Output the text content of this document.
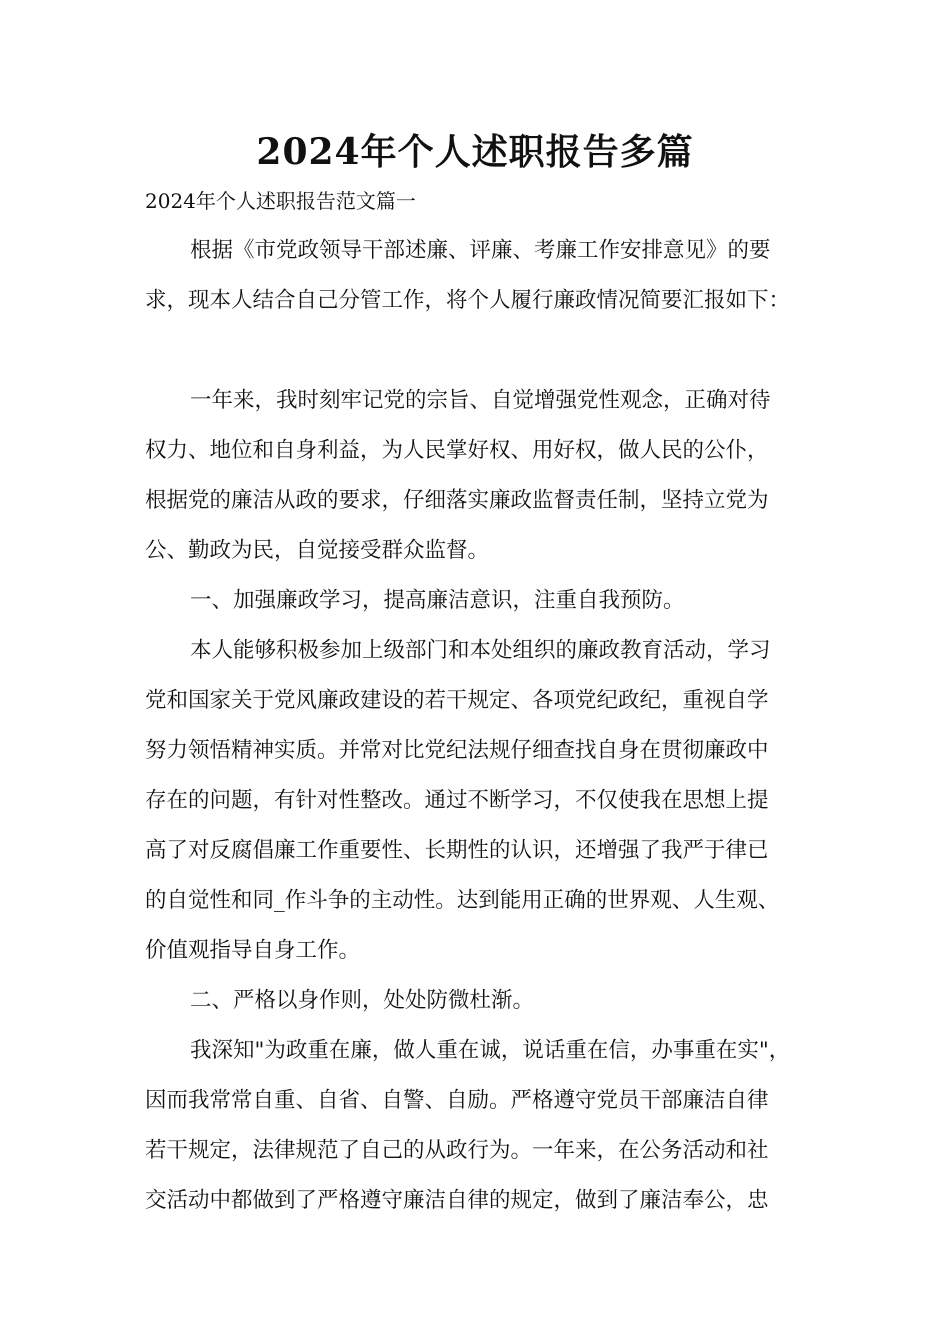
2024年个人述职报告多篇

2024年个人述职报告范文篇一

根据《市党政领导干部述廉、评廉、考廉工作安排意见》的要

求，现本人结合自己分管工作，将个人履行廉政情况简要汇报如下：

一年来，我时刻牢记党的宗旨、自觉增强党性观念，正确对待

权力、地位和自身利益，为人民掌好权、用好权，做人民的公仆，

根据党的廉洁从政的要求，仔细落实廉政监督责任制，坚持立党为

公、勤政为民，自觉接受群众监督。

一、加强廉政学习，提高廉洁意识，注重自我预防。

本人能够积极参加上级部门和本处组织的廉政教育活动，学习

党和国家关于党风廉政建设的若干规定、各项党纪政纪，重视自学

努力领悟精神实质。并常对比党纪法规仔细查找自身在贯彻廉政中

存在的问题，有针对性整改。通过不断学习，不仅使我在思想上提

高了对反腐倡廉工作重要性、长期性的认识，还增强了我严于律已

的自觉性和同_作斗争的主动性。达到能用正确的世界观、人生观、

价值观指导自身工作。

二、严格以身作则，处处防微杜渐。

我深知"为政重在廉，做人重在诚，说话重在信，办事重在实"，

因而我常常自重、自省、自警、自励。严格遵守党员干部廉洁自律

若干规定，法律规范了自己的从政行为。一年来，在公务活动和社

交活动中都做到了严格遵守廉洁自律的规定，做到了廉洁奉公，忠
